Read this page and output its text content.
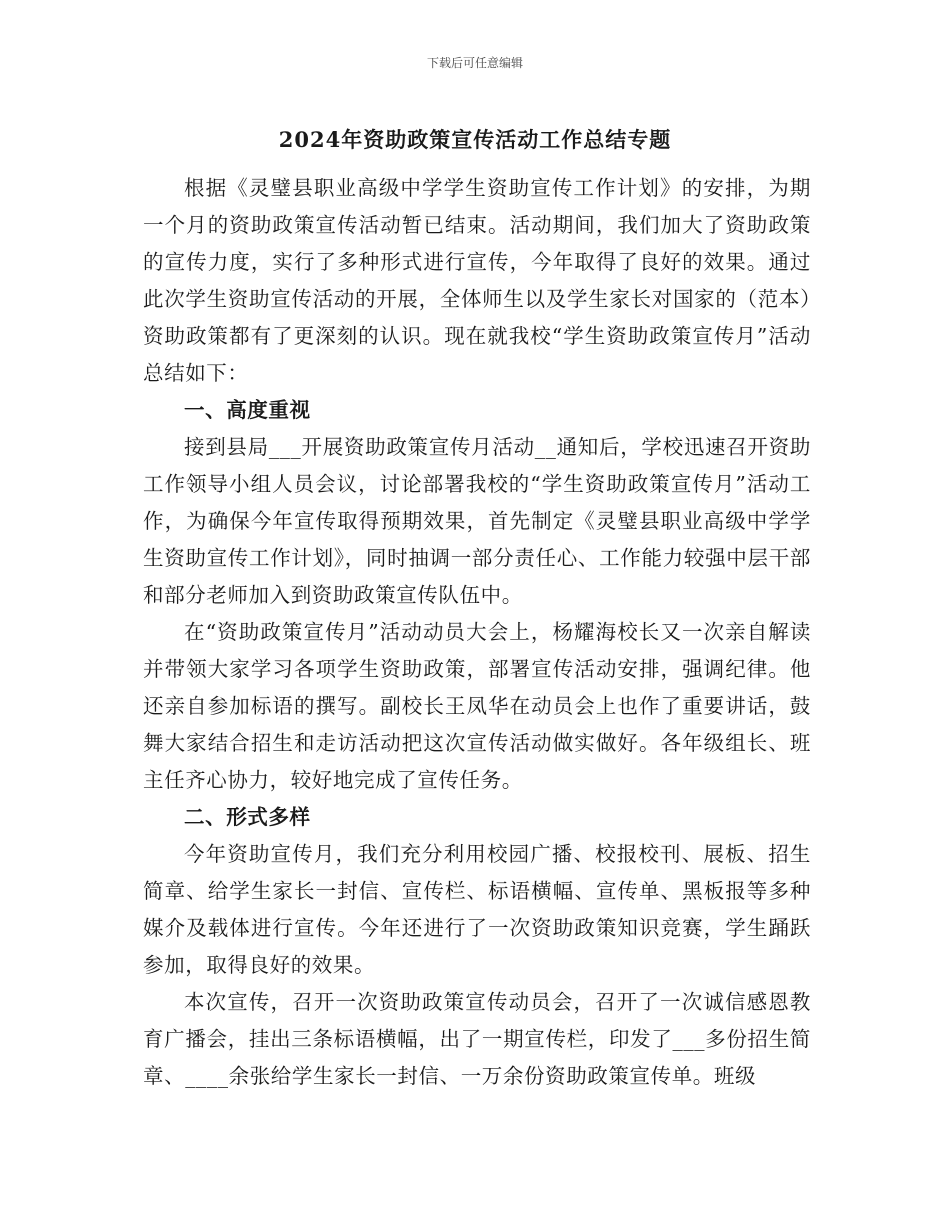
下载后可任意编辑
2024年资助政策宣传活动工作总结专题

根据《灵璧县职业高级中学学生资助宣传工作计划》的安排，为期一个月的资助政策宣传活动暂已结束。活动期间，我们加大了资助政策的宣传力度，实行了多种形式进行宣传，今年取得了良好的效果。通过此次学生资助宣传活动的开展，全体师生以及学生家长对国家的（范本）资助政策都有了更深刻的认识。现在就我校“学生资助政策宣传月”活动总结如下：

一、高度重视

接到县局___开展资助政策宣传月活动__通知后，学校迅速召开资助工作领导小组人员会议，讨论部署我校的“学生资助政策宣传月”活动工作，为确保今年宣传取得预期效果，首先制定《灵璧县职业高级中学学生资助宣传工作计划》，同时抽调一部分责任心、工作能力较强中层干部和部分老师加入到资助政策宣传队伍中。

在“资助政策宣传月”活动动员大会上，杨耀海校长又一次亲自解读并带领大家学习各项学生资助政策，部署宣传活动安排，强调纪律。他还亲自参加标语的撰写。副校长王凤华在动员会上也作了重要讲话，鼓舞大家结合招生和走访活动把这次宣传活动做实做好。各年级组长、班主任齐心协力，较好地完成了宣传任务。

二、形式多样

今年资助宣传月，我们充分利用校园广播、校报校刊、展板、招生简章、给学生家长一封信、宣传栏、标语横幅、宣传单、黑板报等多种媒介及载体进行宣传。今年还进行了一次资助政策知识竞赛，学生踊跃参加，取得良好的效果。

本次宣传，召开一次资助政策宣传动员会，召开了一次诚信感恩教育广播会，挂出三条标语横幅，出了一期宣传栏，印发了___多份招生简章、____余张给学生家长一封信、一万余份资助政策宣传单。班级
